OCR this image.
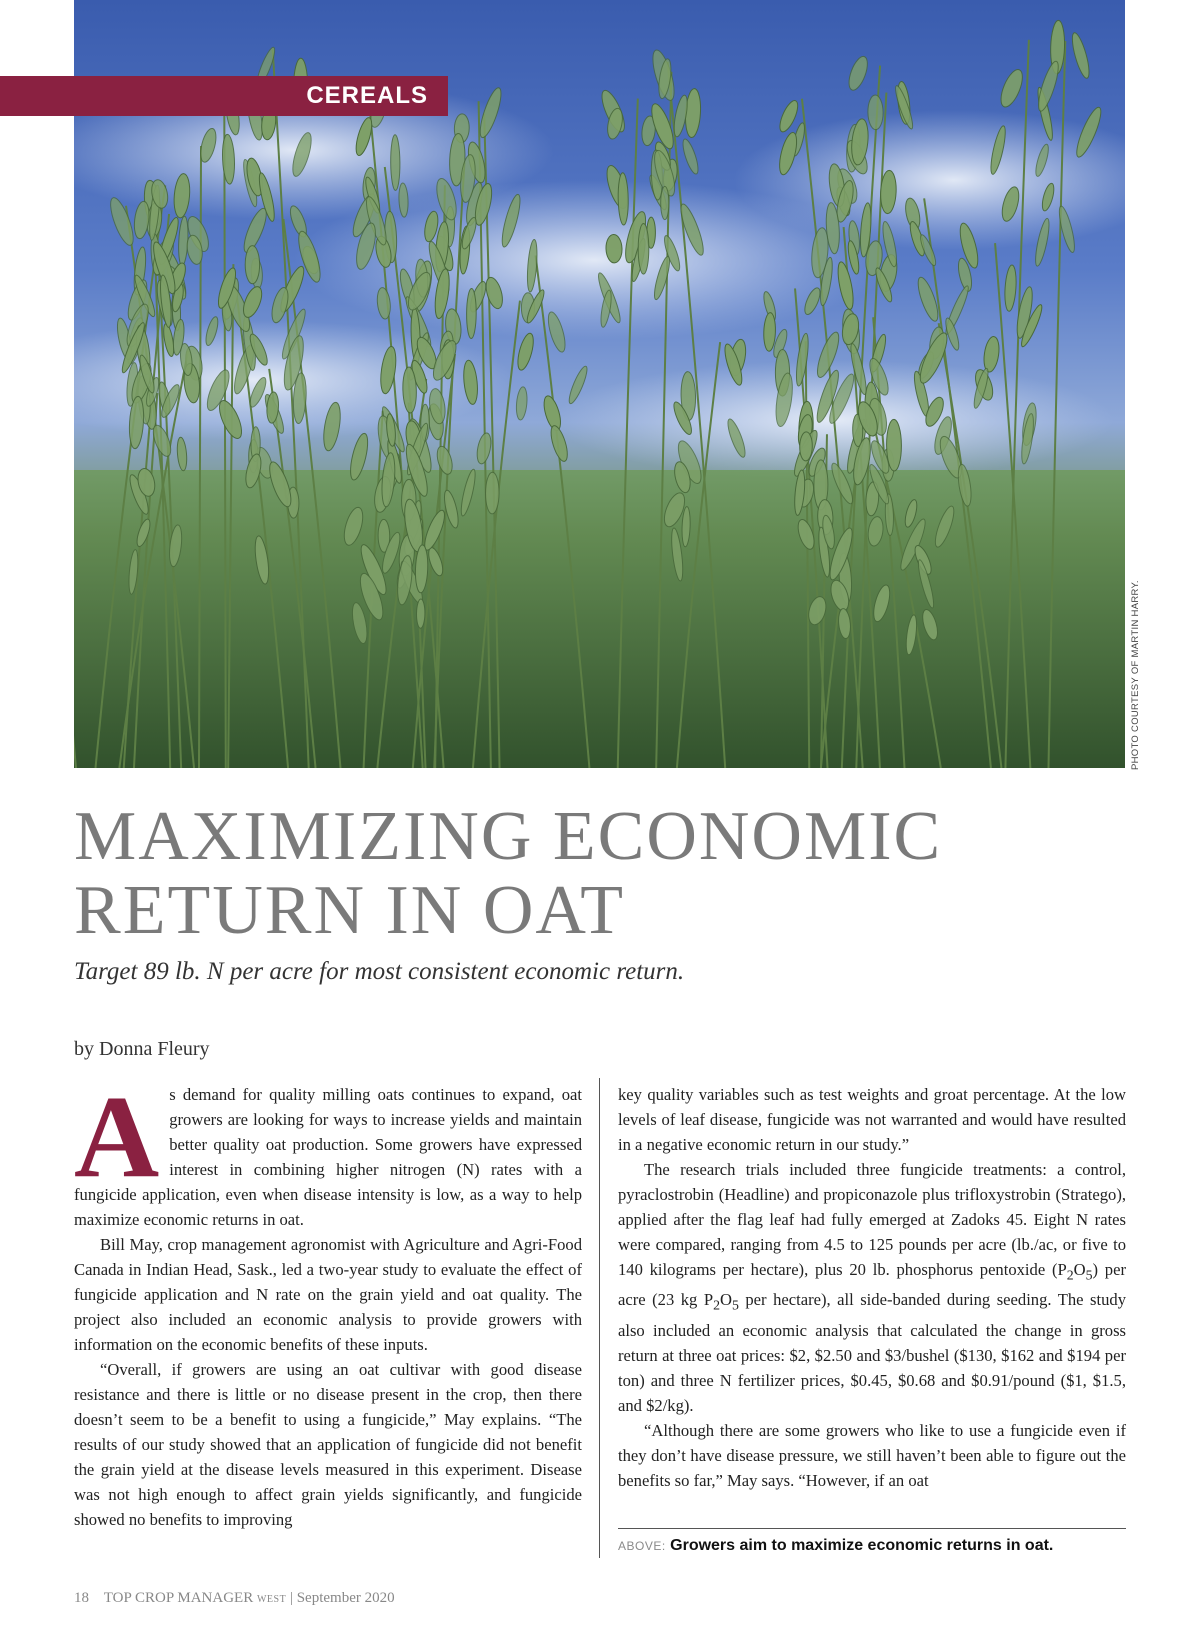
CEREALS
PHOTO COURTESY OF MARTIN HARRY.
MAXIMIZING ECONOMIC
RETURN IN OAT
Target 89 lb. N per acre for most consistent economic return.
by Donna Fleury

As demand for quality milling oats continues to expand, oat growers are looking for ways to increase yields and maintain better quality oat production. Some growers have expressed interest in combining higher nitrogen (N) rates with a fungicide application, even when disease intensity is low, as a way to help maximize economic returns in oat.

Bill May, crop management agronomist with Agriculture and Agri-Food Canada in Indian Head, Sask., led a two-year study to evaluate the effect of fungicide application and N rate on the grain yield and oat quality. The project also included an economic analysis to provide growers with information on the economic benefits of these inputs.

“Overall, if growers are using an oat cultivar with good disease resistance and there is little or no disease present in the crop, then there doesn’t seem to be a benefit to using a fungicide,” May explains. “The results of our study showed that an application of fungicide did not benefit the grain yield at the disease levels measured in this experiment. Disease was not high enough to affect grain yields significantly, and fungicide showed no benefits to improving

key quality variables such as test weights and groat percentage. At the low levels of leaf disease, fungicide was not warranted and would have resulted in a negative economic return in our study.”

The research trials included three fungicide treatments: a control, pyraclostrobin (Headline) and propiconazole plus trifloxystrobin (Stratego), applied after the flag leaf had fully emerged at Zadoks 45. Eight N rates were compared, ranging from 4.5 to 125 pounds per acre (lb./ac, or five to 140 kilograms per hectare), plus 20 lb. phosphorus pentoxide $(P_2O_5)$ per acre (23 kg $P_2O_5$ per hectare), all side-banded during seeding. The study also included an economic analysis that calculated the change in gross return at three oat prices: $2, $2.50 and $3/bushel ($130, $162 and $194 per ton) and three N fertilizer prices, $0.45, $0.68 and $0.91/pound ($1, $1.5, and $2/kg).

“Although there are some growers who like to use a fungicide even if they don’t have disease pressure, we still haven’t been able to figure out the benefits so far,” May says. “However, if an oat

ABOVE: Growers aim to maximize economic returns in oat.
18 TOP CROP MANAGER WEST | September 2020
